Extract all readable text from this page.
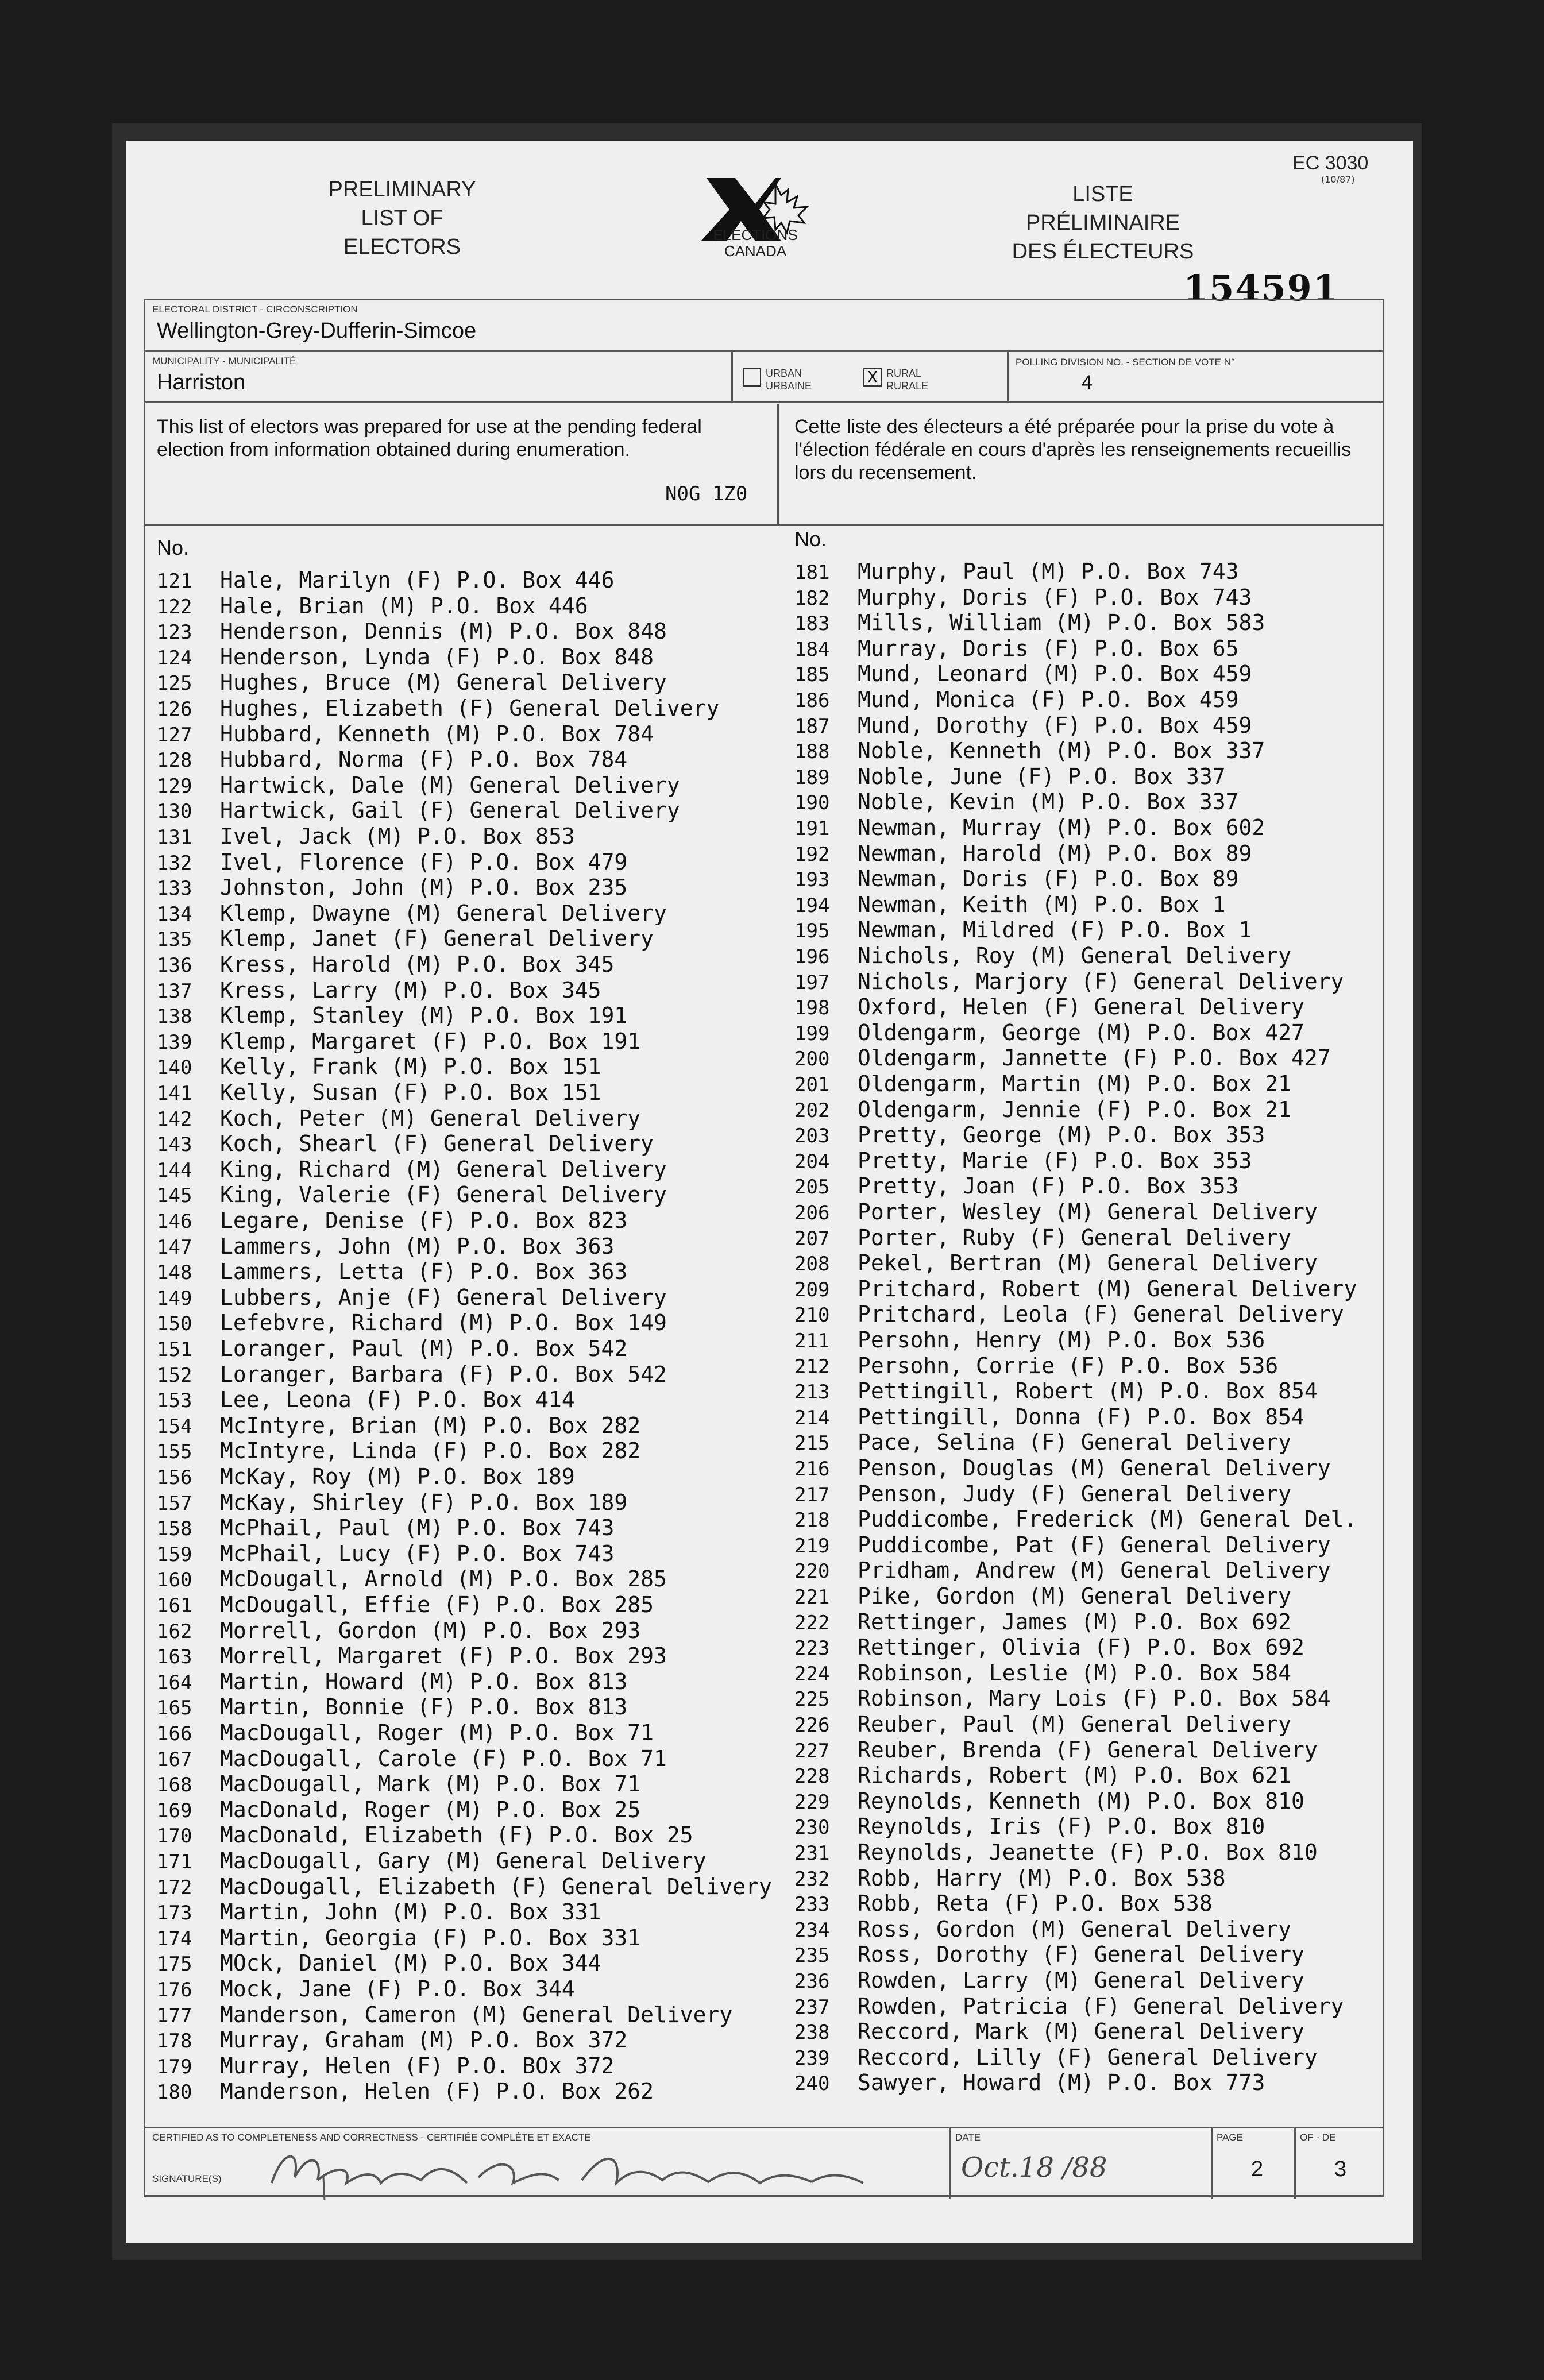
PRELIMINARY
LIST OF
ELECTORS	ELECTIONS
CANADA
LISTE
PRÉLIMINAIRE
DES ÉLECTEURS
EC 3030
(10/87)
154591
ELECTORAL DISTRICT - CIRCONSCRIPTION
Wellington-Grey-Dufferin-Simcoe
MUNICIPALITY - MUNICIPALITÉ
Harriston	URBAN
URBAINE	X RURAL
RURALE
POLLING DIVISION NO. - SECTION DE VOTE N°
4
This list of electors was prepared for use at the pending federal election from information obtained during enumeration.
Cette liste des électeurs a été préparée pour la prise du vote à l'élection fédérale en cours d'après les renseignements recueillis lors du recensement.
N0G 1Z0
No.	No.
121 Hale, Marilyn (F) P.O. Box 446
122 Hale, Brian (M) P.O. Box 446
123 Henderson, Dennis (M) P.O. Box 848
124 Henderson, Lynda (F) P.O. Box 848
125 Hughes, Bruce (M) General Delivery
126 Hughes, Elizabeth (F) General Delivery
127 Hubbard, Kenneth (M) P.O. Box 784
128 Hubbard, Norma (F) P.O. Box 784
129 Hartwick, Dale (M) General Delivery
130 Hartwick, Gail (F) General Delivery
131 Ivel, Jack (M) P.O. Box 853
132 Ivel, Florence (F) P.O. Box 479
133 Johnston, John (M) P.O. Box 235
134 Klemp, Dwayne (M) General Delivery
135 Klemp, Janet (F) General Delivery
136 Kress, Harold (M) P.O. Box 345
137 Kress, Larry (M) P.O. Box 345
138 Klemp, Stanley (M) P.O. Box 191
139 Klemp, Margaret (F) P.O. Box 191
140 Kelly, Frank (M) P.O. Box 151
141 Kelly, Susan (F) P.O. Box 151
142 Koch, Peter (M) General Delivery
143 Koch, Shearl (F) General Delivery
144 King, Richard (M) General Delivery
145 King, Valerie (F) General Delivery
146 Legare, Denise (F) P.O. Box 823
147 Lammers, John (M) P.O. Box 363
148 Lammers, Letta (F) P.O. Box 363
149 Lubbers, Anje (F) General Delivery
150 Lefebvre, Richard (M) P.O. Box 149
151 Loranger, Paul (M) P.O. Box 542
152 Loranger, Barbara (F) P.O. Box 542
153 Lee, Leona (F) P.O. Box 414
154 McIntyre, Brian (M) P.O. Box 282
155 McIntyre, Linda (F) P.O. Box 282
156 McKay, Roy (M) P.O. Box 189
157 McKay, Shirley (F) P.O. Box 189
158 McPhail, Paul (M) P.O. Box 743
159 McPhail, Lucy (F) P.O. Box 743
160 McDougall, Arnold (M) P.O. Box 285
161 McDougall, Effie (F) P.O. Box 285
162 Morrell, Gordon (M) P.O. Box 293
163 Morrell, Margaret (F) P.O. Box 293
164 Martin, Howard (M) P.O. Box 813
165 Martin, Bonnie (F) P.O. Box 813
166 MacDougall, Roger (M) P.O. Box 71
167 MacDougall, Carole (F) P.O. Box 71
168 MacDougall, Mark (M) P.O. Box 71
169 MacDonald, Roger (M) P.O. Box 25
170 MacDonald, Elizabeth (F) P.O. Box 25
171 MacDougall, Gary (M) General Delivery
172 MacDougall, Elizabeth (F) General Delivery
173 Martin, John (M) P.O. Box 331
174 Martin, Georgia (F) P.O. Box 331
175 MOck, Daniel (M) P.O. Box 344
176 Mock, Jane (F) P.O. Box 344
177 Manderson, Cameron (M) General Delivery
178 Murray, Graham (M) P.O. Box 372
179 Murray, Helen (F) P.O. BOx 372
180 Manderson, Helen (F) P.O. Box 262
181 Murphy, Paul (M) P.O. Box 743
182 Murphy, Doris (F) P.O. Box 743
183 Mills, William (M) P.O. Box 583
184 Murray, Doris (F) P.O. Box 65
185 Mund, Leonard (M) P.O. Box 459
186 Mund, Monica (F) P.O. Box 459
187 Mund, Dorothy (F) P.O. Box 459
188 Noble, Kenneth (M) P.O. Box 337
189 Noble, June (F) P.O. Box 337
190 Noble, Kevin (M) P.O. Box 337
191 Newman, Murray (M) P.O. Box 602
192 Newman, Harold (M) P.O. Box 89
193 Newman, Doris (F) P.O. Box 89
194 Newman, Keith (M) P.O. Box 1
195 Newman, Mildred (F) P.O. Box 1
196 Nichols, Roy (M) General Delivery
197 Nichols, Marjory (F) General Delivery
198 Oxford, Helen (F) General Delivery
199 Oldengarm, George (M) P.O. Box 427
200 Oldengarm, Jannette (F) P.O. Box 427
201 Oldengarm, Martin (M) P.O. Box 21
202 Oldengarm, Jennie (F) P.O. Box 21
203 Pretty, George (M) P.O. Box 353
204 Pretty, Marie (F) P.O. Box 353
205 Pretty, Joan (F) P.O. Box 353
206 Porter, Wesley (M) General Delivery
207 Porter, Ruby (F) General Delivery
208 Pekel, Bertran (M) General Delivery
209 Pritchard, Robert (M) General Delivery
210 Pritchard, Leola (F) General Delivery
211 Persohn, Henry (M) P.O. Box 536
212 Persohn, Corrie (F) P.O. Box 536
213 Pettingill, Robert (M) P.O. Box 854
214 Pettingill, Donna (F) P.O. Box 854
215 Pace, Selina (F) General Delivery
216 Penson, Douglas (M) General Delivery
217 Penson, Judy (F) General Delivery
218 Puddicombe, Frederick (M) General Del.
219 Puddicombe, Pat (F) General Delivery
220 Pridham, Andrew (M) General Delivery
221 Pike, Gordon (M) General Delivery
222 Rettinger, James (M) P.O. Box 692
223 Rettinger, Olivia (F) P.O. Box 692
224 Robinson, Leslie (M) P.O. Box 584
225 Robinson, Mary Lois (F) P.O. Box 584
226 Reuber, Paul (M) General Delivery
227 Reuber, Brenda (F) General Delivery
228 Richards, Robert (M) P.O. Box 621
229 Reynolds, Kenneth (M) P.O. Box 810
230 Reynolds, Iris (F) P.O. Box 810
231 Reynolds, Jeanette (F) P.O. Box 810
232 Robb, Harry (M) P.O. Box 538
233 Robb, Reta (F) P.O. Box 538
234 Ross, Gordon (M) General Delivery
235 Ross, Dorothy (F) General Delivery
236 Rowden, Larry (M) General Delivery
237 Rowden, Patricia (F) General Delivery
238 Reccord, Mark (M) General Delivery
239 Reccord, Lilly (F) General Delivery
240 Sawyer, Howard (M) P.O. Box 773
CERTIFIED AS TO COMPLETENESS AND CORRECTNESS - CERTIFIÉE COMPLÈTE ET EXACTE
SIGNATURE(S)
DATE
Oct.18 /88
PAGE
2
OF - DE
3
